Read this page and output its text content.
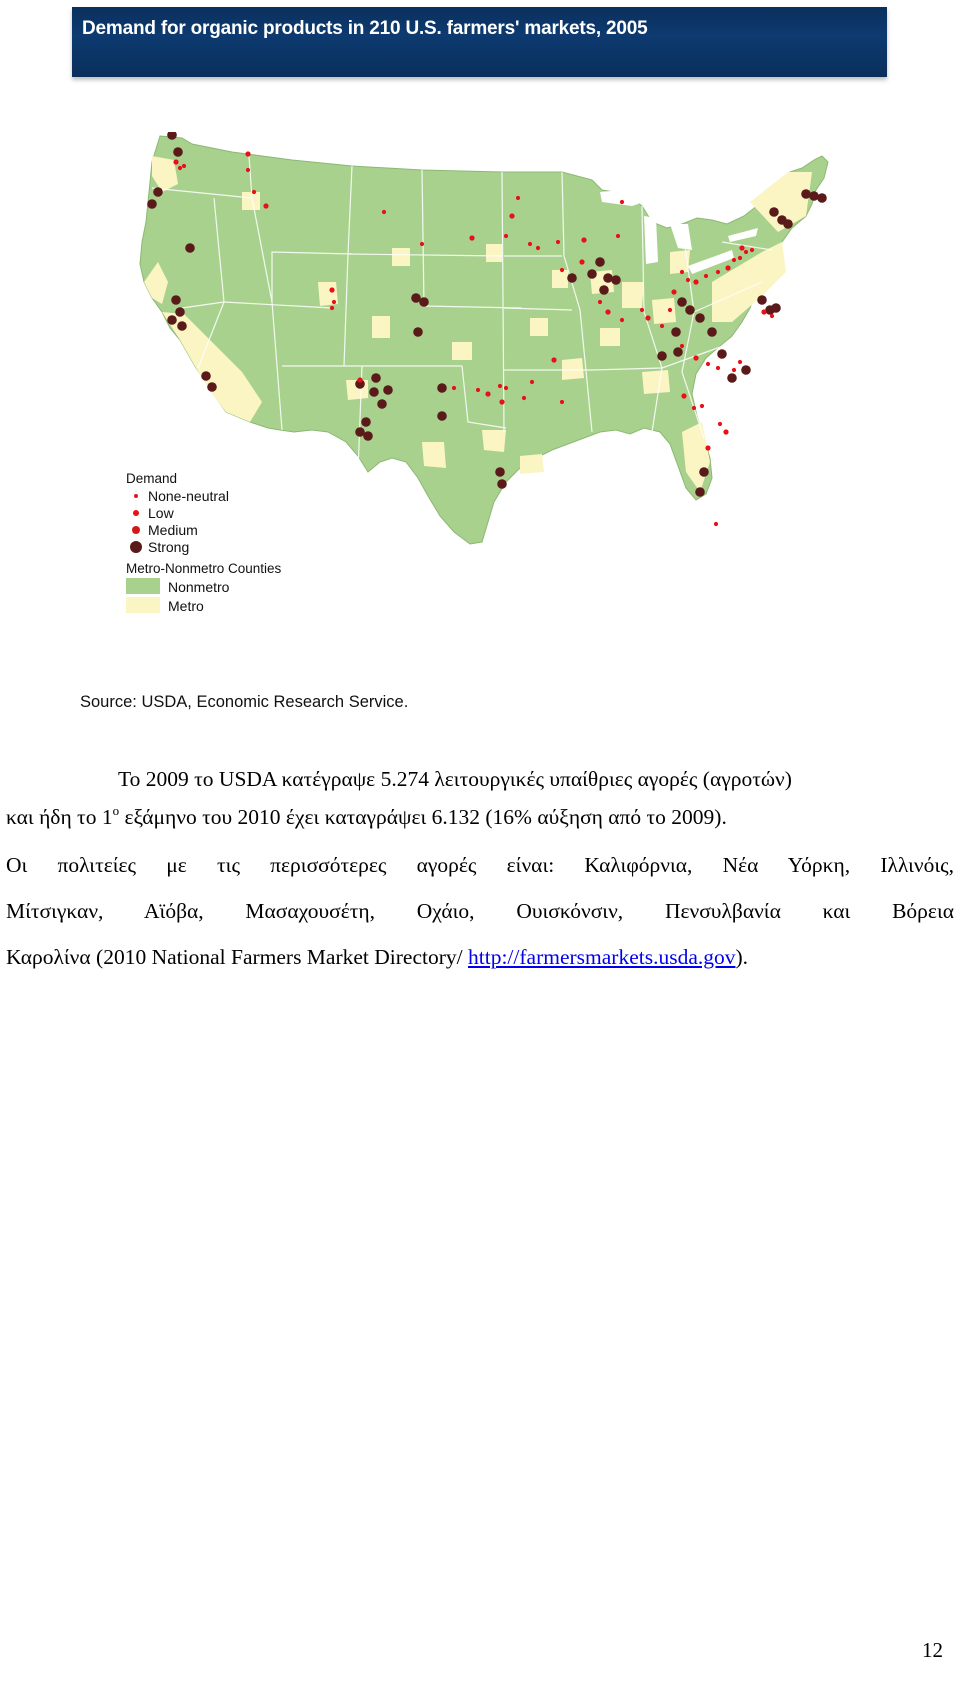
Demand for organic products in 210 U.S. farmers' markets, 2005
Demand
None-neutral
Low
Medium
Strong
Metro-Nonmetro Counties
Nonmetro
Metro
Source: USDA, Economic Research Service.
Το 2009 το USDA κατέγραψε 5.274 λειτουργικές υπαίθριες αγορές (αγροτών)
και ήδη το $1^o$ εξάμηνο του 2010 έχει καταγράψει 6.132 (16% αύξηση από το 2009).
Οι πολιτείες με τις περισσότερες αγορές είναι: Καλιφόρνια, Νέα Υόρκη, Ιλλινόις,
Μίτσιγκαν, Αϊόβα, Μασαχουσέτη, Οχάιο, Ουισκόνσιν, Πενσυλβανία και Βόρεια
Καρολίνα (2010 National Farmers Market Directory/ http://farmersmarkets.usda.gov).
12
